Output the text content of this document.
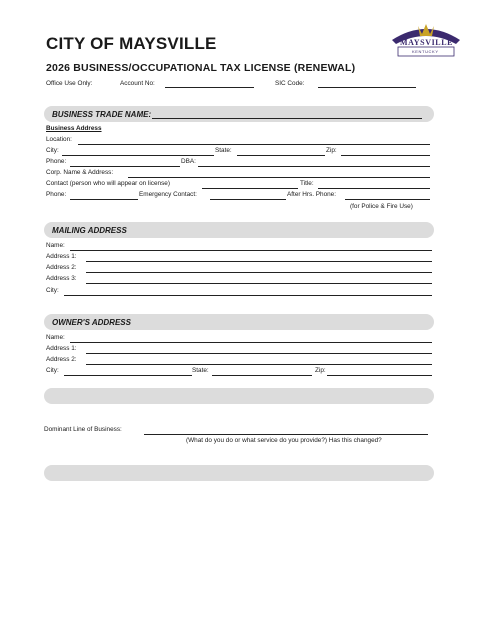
MAYSVILLE
KENTUCKY
CITY OF MAYSVILLE
2026 BUSINESS/OCCUPATIONAL TAX LICENSE (RENEWAL)
Office Use Only:	Account No:	SIC Code:
BUSINESS TRADE NAME:
Business Address
Location:
City:	State:	Zip:
Phone:	DBA:
Corp. Name & Address:
Contact (person who will appear on license)	Title:
Phone:	Emergency Contact:	After Hrs. Phone:
(for Police & Fire Use)
MAILING ADDRESS
Name:
Address 1:
Address 2:
Address 3:
City:
OWNER'S ADDRESS
Name:
Address 1:
Address 2:
City:	State:	Zip:
Dominant Line of Business:
(What do you do or what service do you provide?) Has this changed?
